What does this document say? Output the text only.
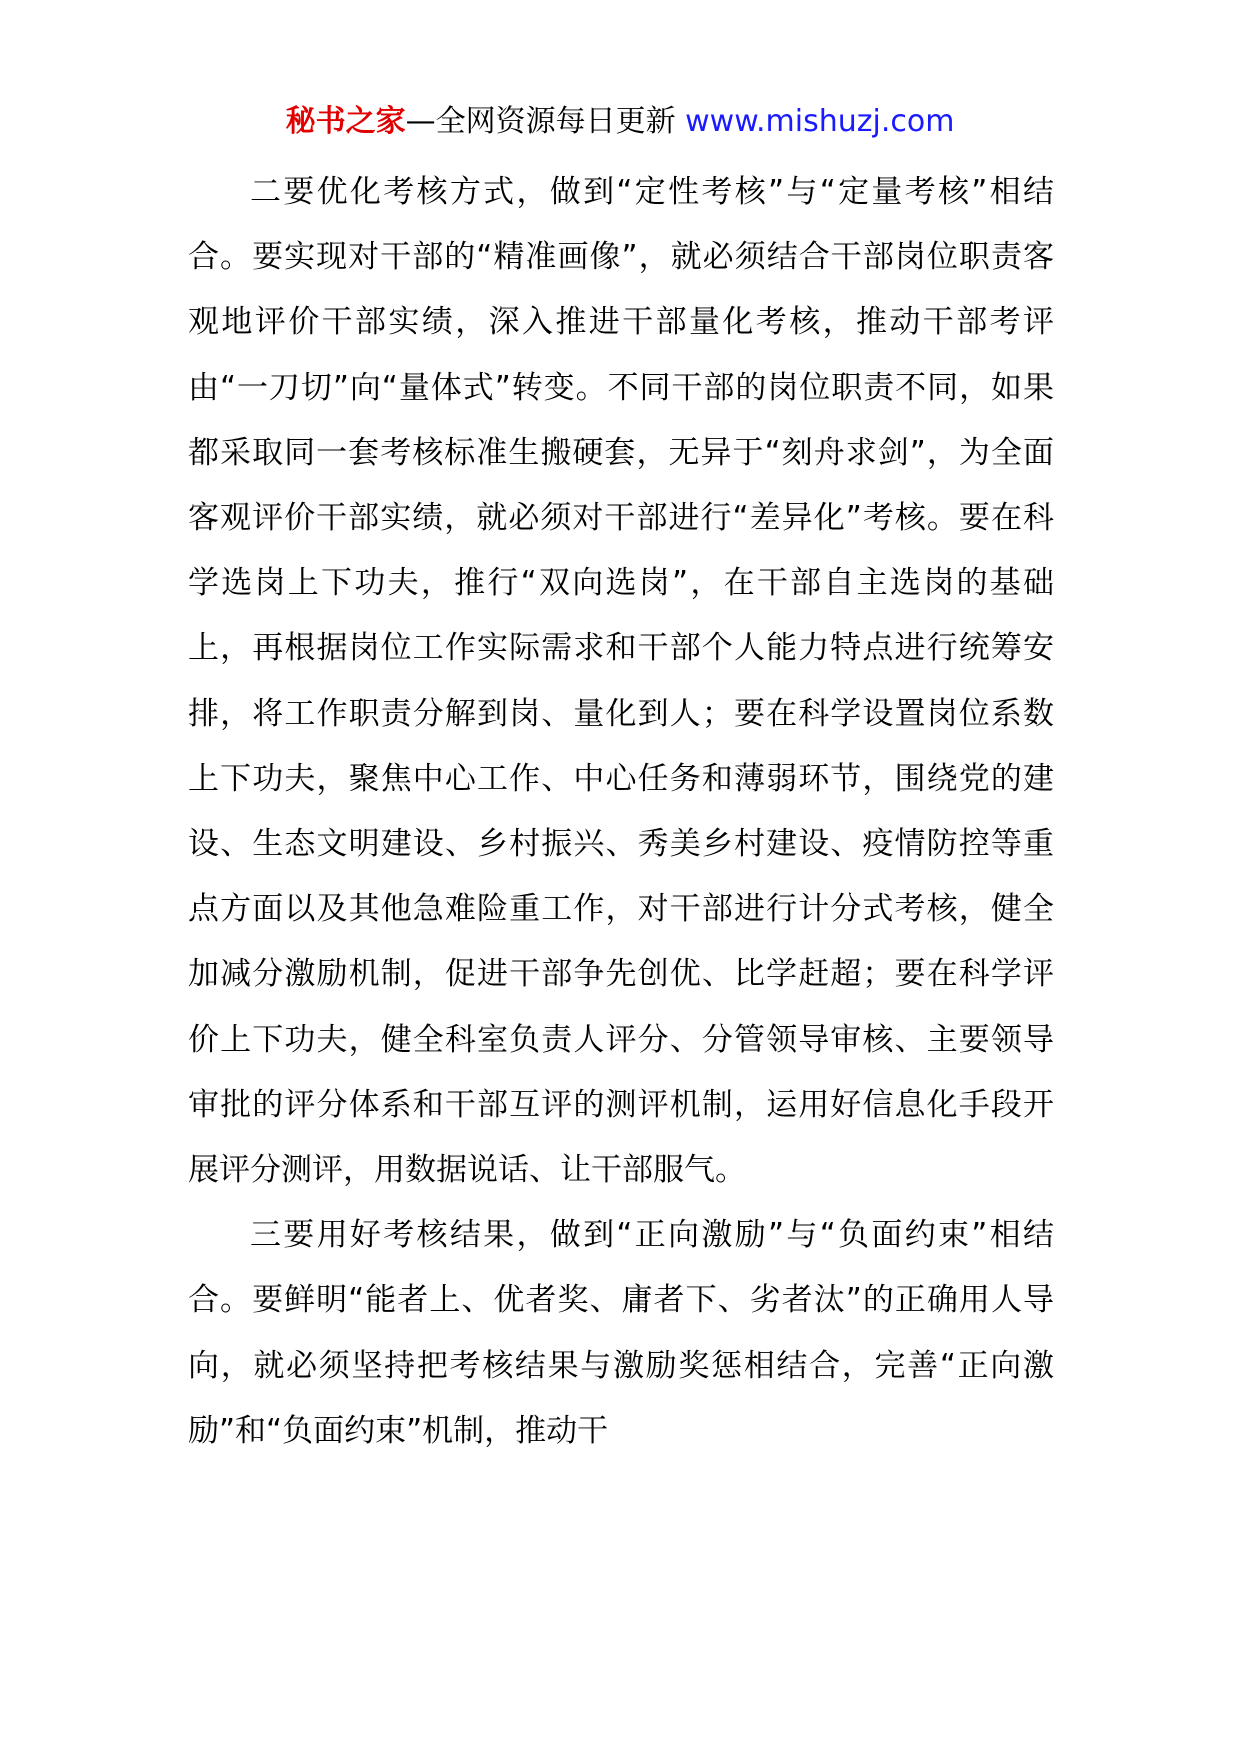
秘书之家—全网资源每日更新 www.mishuzj.com

二要优化考核方式，做到“定性考核”与“定量考核”相结合。要实现对干部的“精准画像”，就必须结合干部岗位职责客观地评价干部实绩，深入推进干部量化考核，推动干部考评由“一刀切”向“量体式”转变。不同干部的岗位职责不同，如果都采取同一套考核标准生搬硬套，无异于“刻舟求剑”，为全面客观评价干部实绩，就必须对干部进行“差异化”考核。要在科学选岗上下功夫，推行“双向选岗”，在干部自主选岗的基础上，再根据岗位工作实际需求和干部个人能力特点进行统筹安排，将工作职责分解到岗、量化到人；要在科学设置岗位系数上下功夫，聚焦中心工作、中心任务和薄弱环节，围绕党的建设、生态文明建设、乡村振兴、秀美乡村建设、疫情防控等重点方面以及其他急难险重工作，对干部进行计分式考核，健全加减分激励机制，促进干部争先创优、比学赶超；要在科学评价上下功夫，健全科室负责人评分、分管领导审核、主要领导审批的评分体系和干部互评的测评机制，运用好信息化手段开展评分测评，用数据说话、让干部服气。

三要用好考核结果，做到“正向激励”与“负面约束”相结合。要鲜明“能者上、优者奖、庸者下、劣者汰”的正确用人导向，就必须坚持把考核结果与激励奖惩相结合，完善“正向激励”和“负面约束”机制，推动干
